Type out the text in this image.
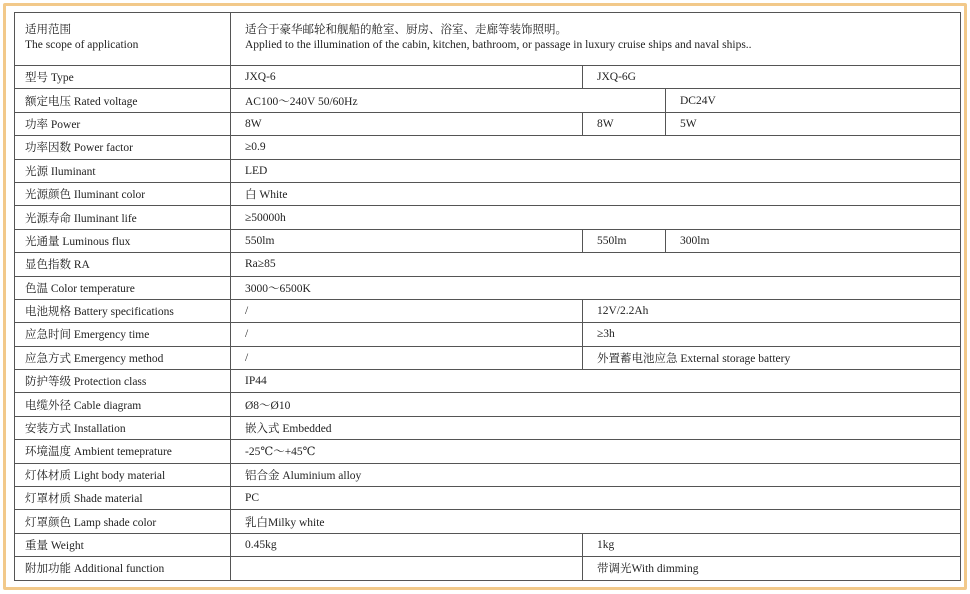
适用范围
The scope of application	适合于豪华邮轮和舰船的舱室、厨房、浴室、走廊等装饰照明。
Applied to the illumination of the cabin, kitchen, bathroom, or passage in luxury cruise ships and naval ships..		

型号 Type	JXQ-6	JXQ-6G	
额定电压 Rated voltage	AC100～240V 50/60Hz		DC24V
功率 Power	8W	8W	5W
功率因数 Power factor	≥0.9		
光源 Iluminant	LED		
光源颜色 Iluminant color	白 White		
光源寿命 Iluminant life	≥50000h		
光通量 Luminous flux	550lm	550lm	300lm
显色指数 RA	Ra≥85		
色温 Color temperature	3000～6500K		
电池规格 Battery specifications	/	12V/2.2Ah	
应急时间 Emergency time	/	≥3h	
应急方式 Emergency method	/	外置蓄电池应急 External storage battery	
防护等级 Protection class	IP44		
电缆外径 Cable diagram	Ø8～Ø10		
安装方式 Installation	嵌入式 Embedded		
环境温度 Ambient temeprature	-25℃～+45℃		
灯体材质 Light body material	铝合金 Aluminium alloy		
灯罩材质 Shade material	PC		
灯罩颜色 Lamp shade color	乳白Milky white		
重量 Weight	0.45kg	1kg	
附加功能 Additional function		带调光With dimming	
